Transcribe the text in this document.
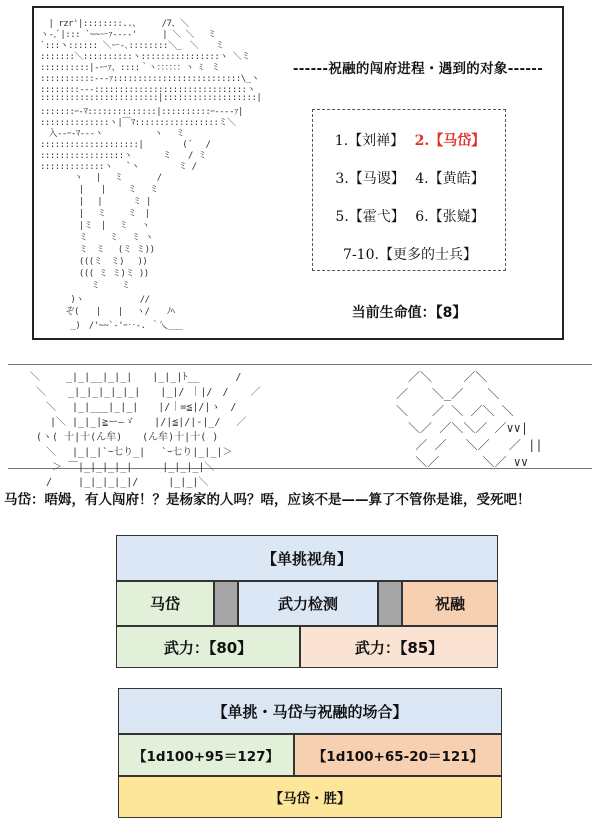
　| rzr'|::::::::..、　　　/7、＼
ヽ-,ﾞ|::: `~~ーｧ----'　　　| ＼ ＼　 ミ
`:::ヽ:::::: ＼ー-､::::::::＼_　＼　　ミ
:::::::＼::::::::::ヽ::::::::::::::::ヽ ＼ミ
::::::::::|-ーｧ、::::｀ヽ：：：：：：ヽ ﾐ　ミ
:::::::::::---ｧ::::::::::::::::::::::::::\_ヽ
::::::::---:::::::::::::::::::::::::::::::ヽ
::::::::::::::::::::::::|:::::::::::::::::::|
:::::::ｰ-ﾏ::::::::::::::|::::::::::ｰ----ｧ|
::::::::::::::ヽ|￣ﾏ:::::::::::::::::ミ＼
　入--ｰ-ﾏ---ヽ　　　　　　ヽ　 ミ
::::::::::::::::::::|　　　　 (´　 /
:::::::::::::::::ヽ　　　 ミ　　/ ミ
:::::::::::::ヽ　 `ヽ　　　　 ミ /
　　　　ヽ　 |　 ミ　　　　/
　　　　 |　　|　　 ミ　 ミ
　　　　 |　 |　　　 ミ |
　　　　 |　 ミ　　 ミ　|
　　　　 |ミ　|　 ミ　 ヽ
　　　　 ミ　　 ミ　 ミ ヽ
　　　　 ミ　ミ　 (ミ ミ))
　　　　 (((ミ　ミ)　 ))
　　　　 ((( ミ ミ)ミ ))
　　　　　　ミ　　 ミ
　　　 )ヽ　　　　　　 //
　　　ぞ(　　|　　|　 ヽ/　　ﾉﾍ
　　　 _)　/'~~`-'ｰ‥-. ｀乀___
------祝融的闯府进程・遇到的对象------
1.【刘禅】 2.【马岱】
3.【马谡】 4.【黄皓】
5.【霍弋】 6.【张嶷】
7-10.【更多的士兵】
当前生命值：【8】
＼　　 _|_|__|_|_|　　|_|_|ﾄ__　 　　/
＼ 　 _|_|_|_|_|_|　　|_|/ ｜|/　/ 　 ／
　 ＼　 |_|___|_|_|　　|/｜=≦|/|ゝ　/
　　|＼ |_|_|≧ー―ゞ　　|/|≦|/|‐|_/ 　／
(ヽ( 十|十(ん牟)　　(ん牟)十|十( )
　 ＼　 |_|_|`ｰ七り_|　 `ｰ七り|_|_|＞
　 ＞ ￣|_|_|_|_|　　　|_|_|_|＼
　/　　 |_|_|_|_|/　　　|_|_|＼
　／＼　　 ／＼
／　　＼_／　　＼
＼　　／ ＼ ／＼ ＼
　＼／ ／＼＼／ ／∨∨|
　 ／ ／　 ＼／　 ／ ||
　 ＼／　　　 ＼／ ∨∨
马岱：唔姆，有人闯府！？是杨家的人吗？唔，应该不是——算了不管你是谁，受死吧！
【单挑视角】
马岱	武力检测	祝融
武力：【80】	武力：【85】
【单挑・马岱与祝融的场合】
【1d100+95＝127】	【1d100+65-20＝121】
【马岱・胜】
